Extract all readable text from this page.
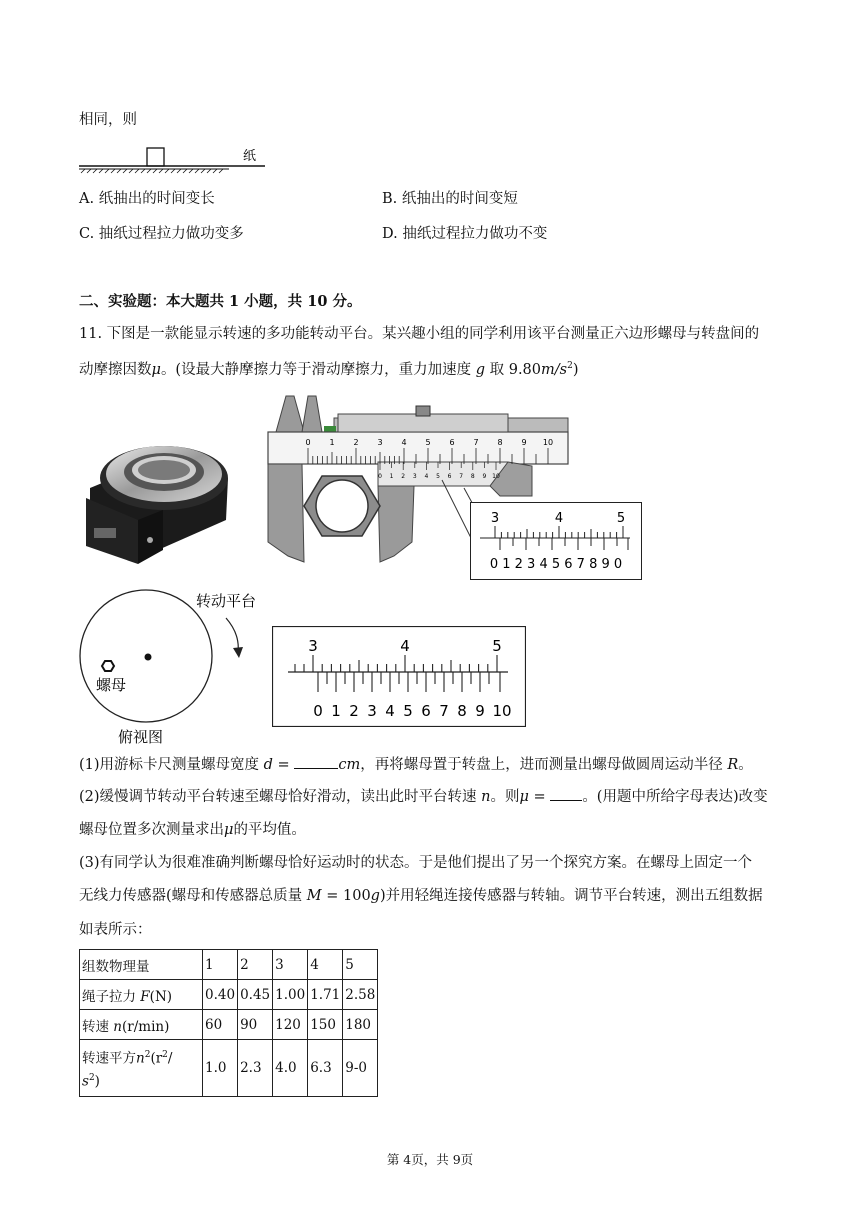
相同，则
纸
A. 纸抽出的时间变长	B. 纸抽出的时间变短
C. 抽纸过程拉力做功变多	D. 抽纸过程拉力做功不变
二、实验题：本大题共 1 小题，共 10 分。
11. 下图是一款能显示转速的多功能转动平台。某兴趣小组的同学利用该平台测量正六边形螺母与转盘间的
动摩擦因数μ。(设最大静摩擦力等于滑动摩擦力，重力加速度 g 取 $9.80m/s^2$)
0 1 2 3 4 5 6 7 8 9 10
0 1 2 3 4 5 6 7 8 9 10
3	4	5
0 1 2 3 4 5 6 7 8 9 0
螺母
转动平台
俯视图
3	4	5
0 1 2 3 4 5 6 7 8 9 10
(1)用游标卡尺测量螺母宽度 d =	cm，再将螺母置于转盘上，进而测量出螺母做圆周运动半径 R。
(2)缓慢调节转动平台转速至螺母恰好滑动，读出此时平台转速 n。则μ = 。(用题中所给字母表达)改变
螺母位置多次测量求出μ的平均值。
(3)有同学认为很难准确判断螺母恰好运动时的状态。于是他们提出了另一个探究方案。在螺母上固定一个
无线力传感器(螺母和传感器总质量 M = 100g)并用轻绳连接传感器与转轴。调节平台转速，测出五组数据
如表所示：
组数物理量	1	2	3	4	5
绳子拉力 F(N)	0.40	0.45	1.00	1.71	2.58
转速 n(r/min)	60	90	120	150	180
转速平方$n^2(r^2/$
$s^2$)	1.0	2.3	4.0	6.3	9-0
第 4页，共 9页
